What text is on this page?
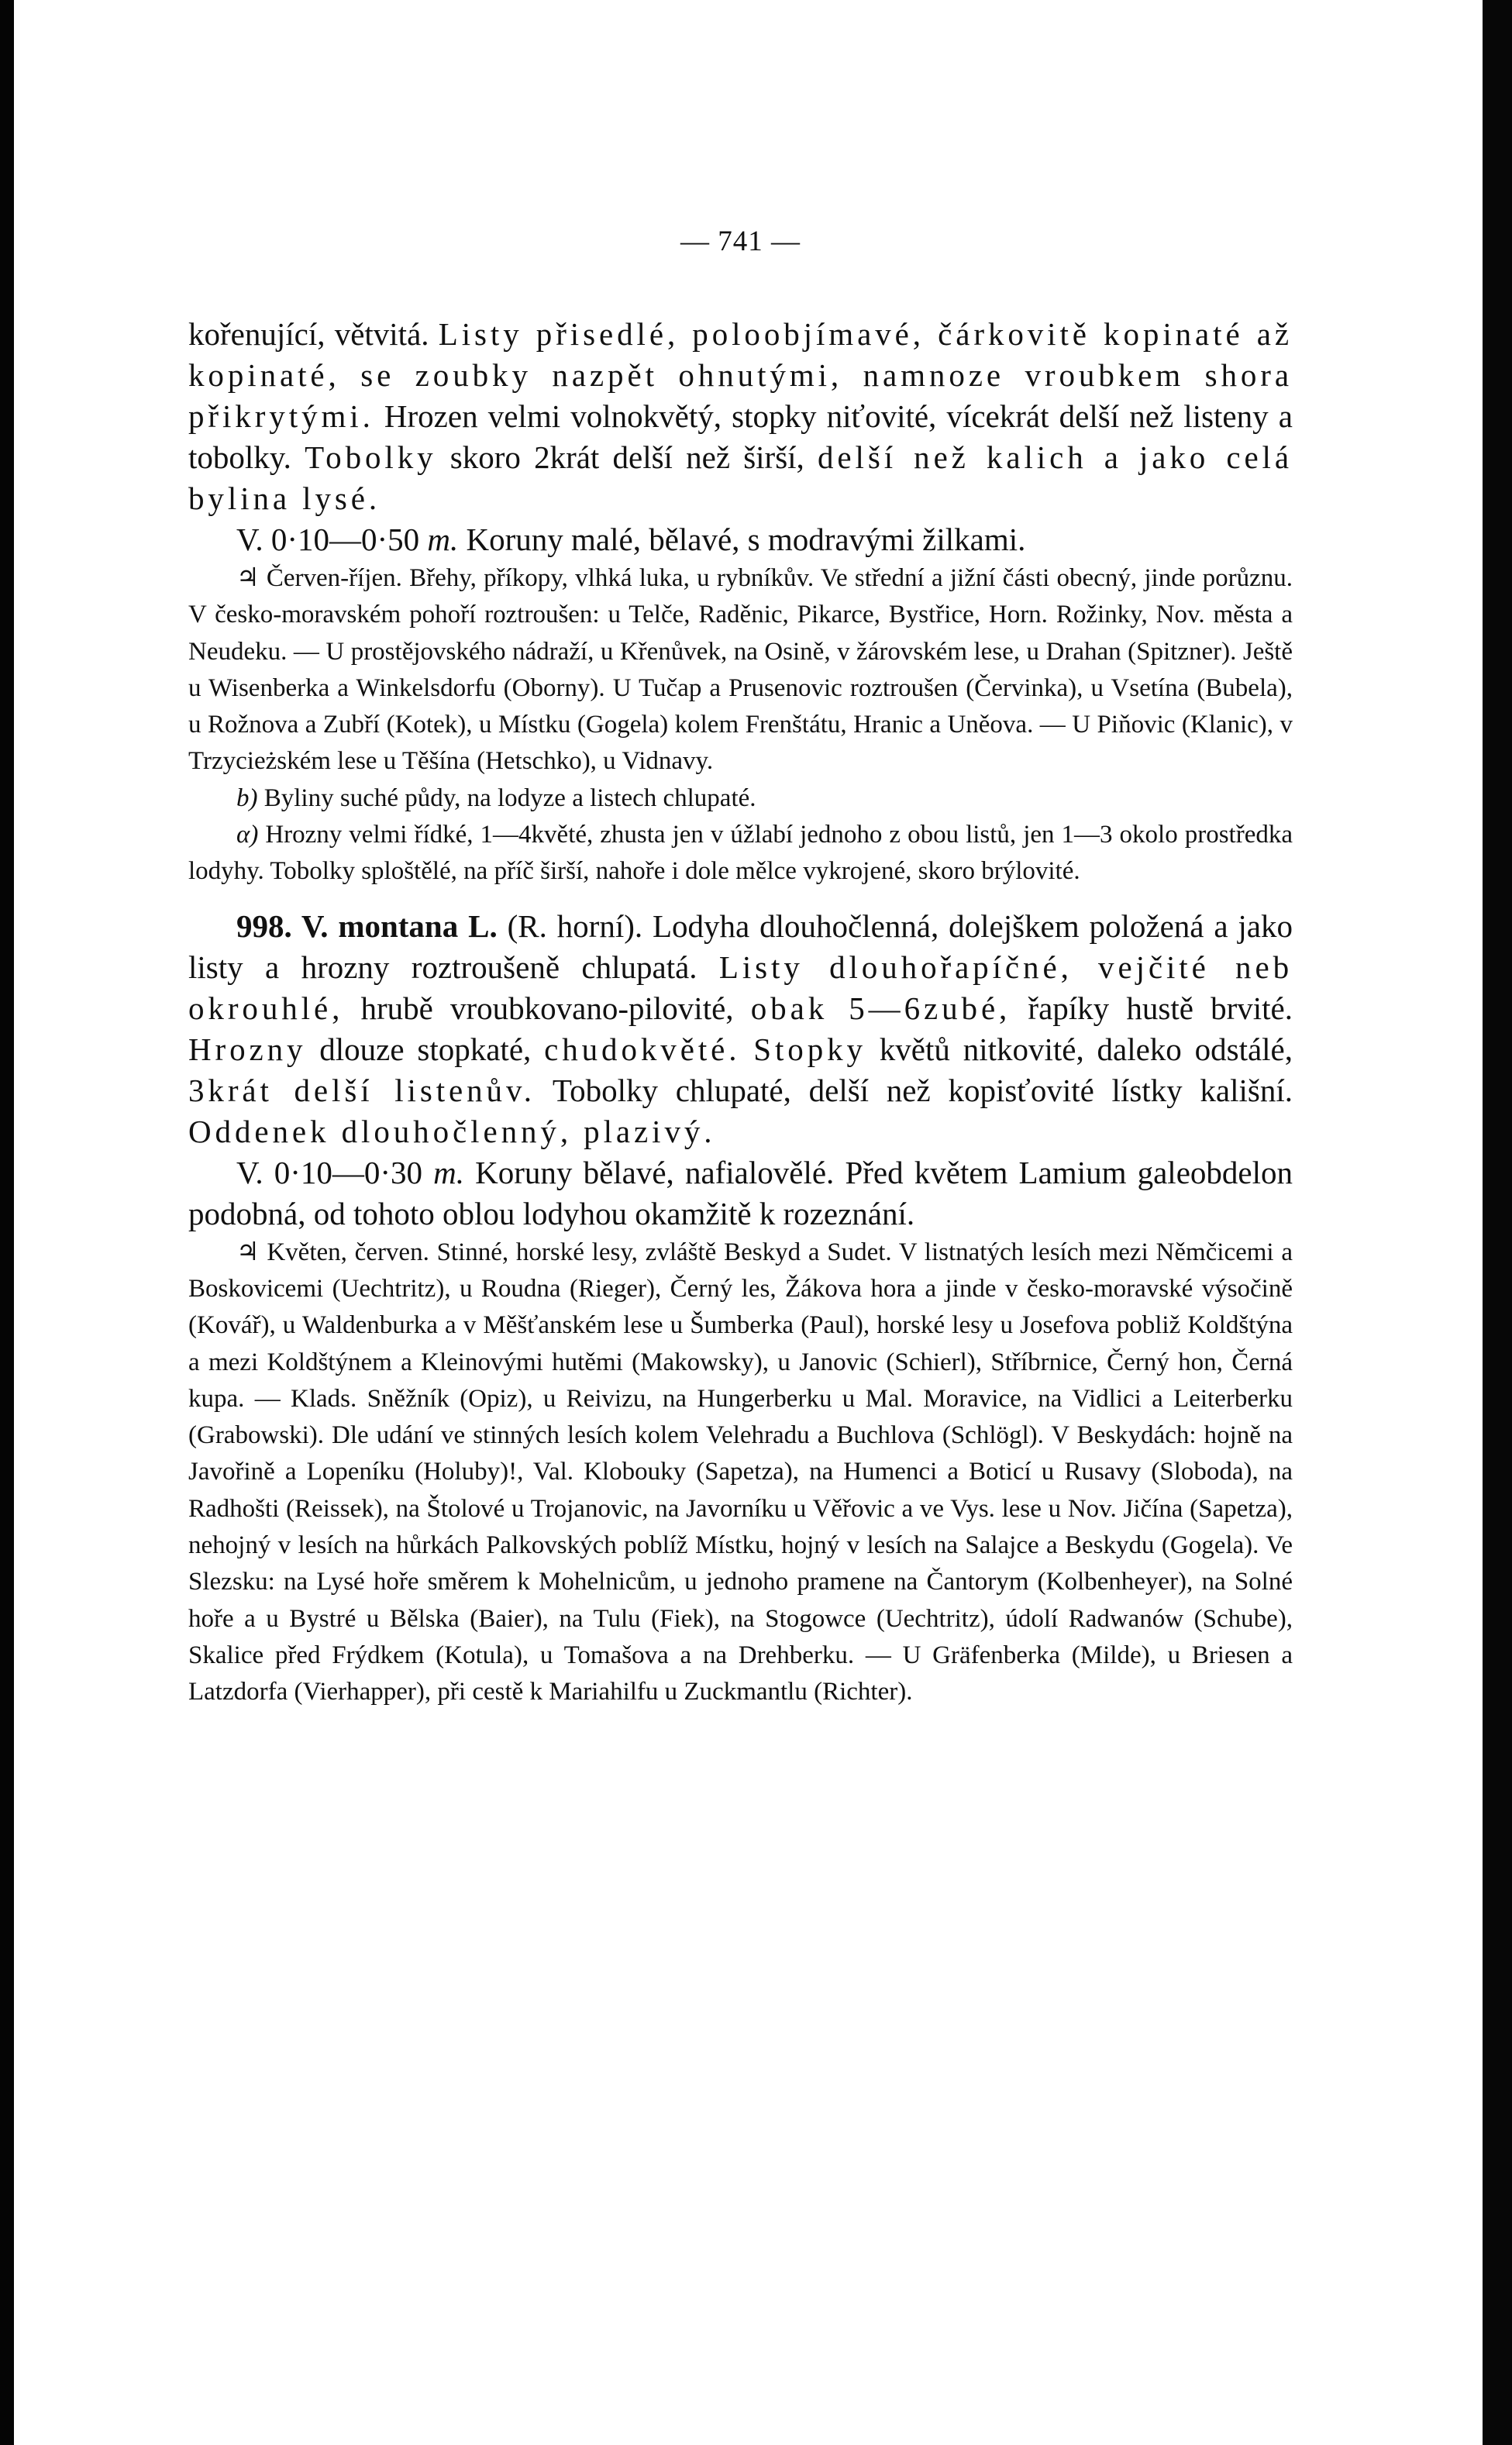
— 741 —

kořenující, větvitá. Listy přisedlé, poloobjímavé, čárkovitě kopinaté až kopinaté, se zoubky nazpět ohnutými, namnoze vroubkem shora přikrytými. Hrozen velmi volnokvětý, stopky niťovité, vícekrát delší než listeny a tobolky. Tobolky skoro 2krát delší než širší, delší než kalich a jako celá bylina lysé.

V. 0·10—0·50 m. Koruny malé, bělavé, s modravými žilkami.

♃ Červen-říjen. Břehy, příkopy, vlhká luka, u rybníkův. Ve střední a jižní části obecný, jinde porůznu. V česko-moravském pohoří roztroušen: u Telče, Raděnic, Pikarce, Bystřice, Horn. Rožinky, Nov. města a Neudeku. — U prostějovského nádraží, u Křenůvek, na Osině, v žárovském lese, u Drahan (Spitzner). Ještě u Wisenberka a Winkelsdorfu (Oborny). U Tučap a Prusenovic roztroušen (Červinka), u Vsetína (Bubela), u Rožnova a Zubří (Kotek), u Místku (Gogela) kolem Frenštátu, Hranic a Uněova. — U Piňovic (Klanic), v Trzycieżském lese u Těšína (Hetschko), u Vidnavy.

b) Byliny suché půdy, na lodyze a listech chlupaté.

α) Hrozny velmi řídké, 1—4květé, zhusta jen v úžlabí jednoho z obou listů, jen 1—3 okolo prostředka lodyhy. Tobolky sploštělé, na příč širší, nahoře i dole mělce vykrojené, skoro brýlovité.

998. V. montana L. (R. horní). Lodyha dlouhočlenná, dolejškem položená a jako listy a hrozny roztroušeně chlupatá. Listy dlouhořapíčné, vejčité neb okrouhlé, hrubě vroubkovano-pilovité, obak 5—6zubé, řapíky hustě brvité. Hrozny dlouze stopkaté, chudokvěté. Stopky květů nitkovité, daleko odstálé, 3krát delší listenův. Tobolky chlupaté, delší než kopisťovité lístky kališní. Oddenek dlouhočlenný, plazivý.

V. 0·10—0·30 m. Koruny bělavé, nafialovělé. Před květem Lamium galeobdelon podobná, od tohoto oblou lodyhou okamžitě k rozeznání.

♃ Květen, červen. Stinné, horské lesy, zvláště Beskyd a Sudet. V listnatých lesích mezi Němčicemi a Boskovicemi (Uechtritz), u Roudna (Rieger), Černý les, Žákova hora a jinde v česko-moravské výsočině (Kovář), u Waldenburka a v Měšťanském lese u Šumberka (Paul), horské lesy u Josefova pobliž Koldštýna a mezi Koldštýnem a Kleinovými hutěmi (Makowsky), u Janovic (Schierl), Stříbrnice, Černý hon, Černá kupa. — Klads. Sněžník (Opiz), u Reivizu, na Hungerberku u Mal. Moravice, na Vidlici a Leiterberku (Grabowski). Dle udání ve stinných lesích kolem Velehradu a Buchlova (Schlögl). V Beskydách: hojně na Javořině a Lopeníku (Holuby)!, Val. Klobouky (Sapetza), na Humenci a Boticí u Rusavy (Sloboda), na Radhošti (Reissek), na Štolové u Trojanovic, na Javorníku u Věřovic a ve Vys. lese u Nov. Jičína (Sapetza), nehojný v lesích na hůrkách Palkovských poblíž Místku, hojný v lesích na Salajce a Beskydu (Gogela). Ve Slezsku: na Lysé hoře směrem k Mohelnicům, u jednoho pramene na Čantorym (Kolbenheyer), na Solné hoře a u Bystré u Bělska (Baier), na Tulu (Fiek), na Stogowce (Uechtritz), údolí Radwanów (Schube), Skalice před Frýdkem (Kotula), u Tomašova a na Drehberku. — U Gräfenberka (Milde), u Briesen a Latzdorfa (Vierhapper), při cestě k Mariahilfu u Zuckmantlu (Richter).
